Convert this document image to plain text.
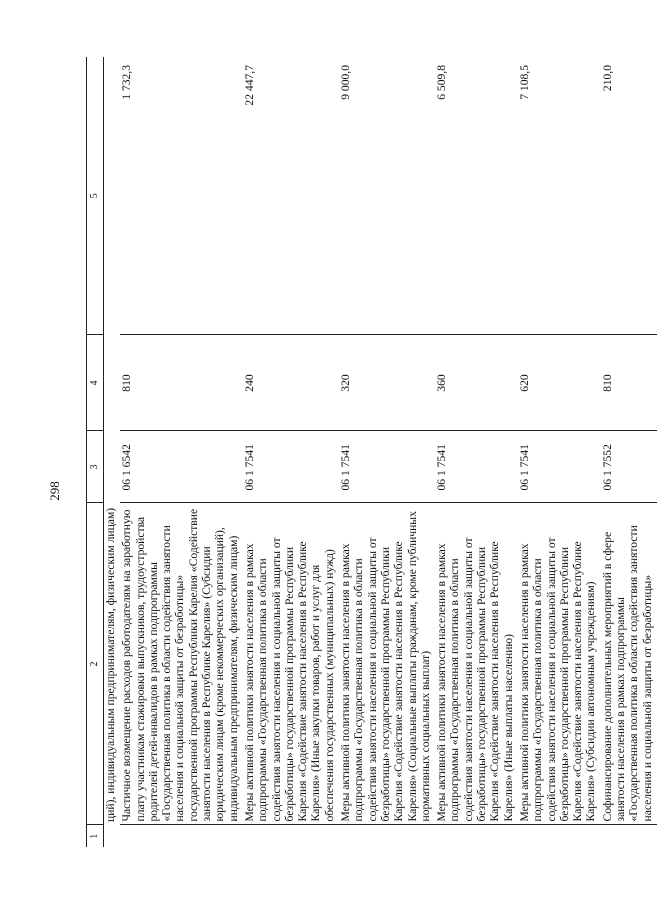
298
1	2	3	4	5
	ций), индивидуальным предпринимателям, физическим лицам)			
	Частичное возмещение расходов работодателям на заработную плату участникам стажировки выпускников, трудоустройства родителей детей-инвалидов в рамках подпрограммы «Государственная политика в области содействия занятости населения и социальной защиты от безработицы» государственной программы Республики Карелия «Содействие занятости населения в Республике Карелия» (Субсидии юридическим лицам (кроме некоммерческих организаций), индивидуальным предпринимателям, физическим лицам)	06 1 6542	810	1 732,3
	Меры активной политики занятости населения в рамках подпрограммы «Государственная политика в области содействия занятости населения и социальной защиты от безработицы» государственной программы Республики Карелия «Содействие занятости населения в Республике Карелия» (Иные закупки товаров, работ и услуг для обеспечения государственных (муниципальных) нужд)	06 1 7541	240	22 447,7
	Меры активной политики занятости населения в рамках подпрограммы «Государственная политика в области содействия занятости населения и социальной защиты от безработицы» государственной программы Республики Карелия «Содействие занятости населения в Республике Карелия» (Социальные выплаты гражданам, кроме публичных нормативных социальных выплат)	06 1 7541	320	9 000,0
	Меры активной политики занятости населения в рамках подпрограммы «Государственная политика в области содействия занятости населения и социальной защиты от безработицы» государственной программы Республики Карелия «Содействие занятости населения в Республике Карелия» (Иные выплаты населению)	06 1 7541	360	6 509,8
	Меры активной политики занятости населения в рамках подпрограммы «Государственная политика в области содействия занятости населения и социальной защиты от безработицы» государственной программы Республики Карелия «Содействие занятости населения в Республике Карелия» (Субсидии автономным учреждениям)	06 1 7541	620	7 108,5
	Софинансирование дополнительных мероприятий в сфере занятости населения в рамках подпрограммы «Государственная политика в области содействия занятости населения и социальной защиты от безработицы»	06 1 7552	810	210,0
